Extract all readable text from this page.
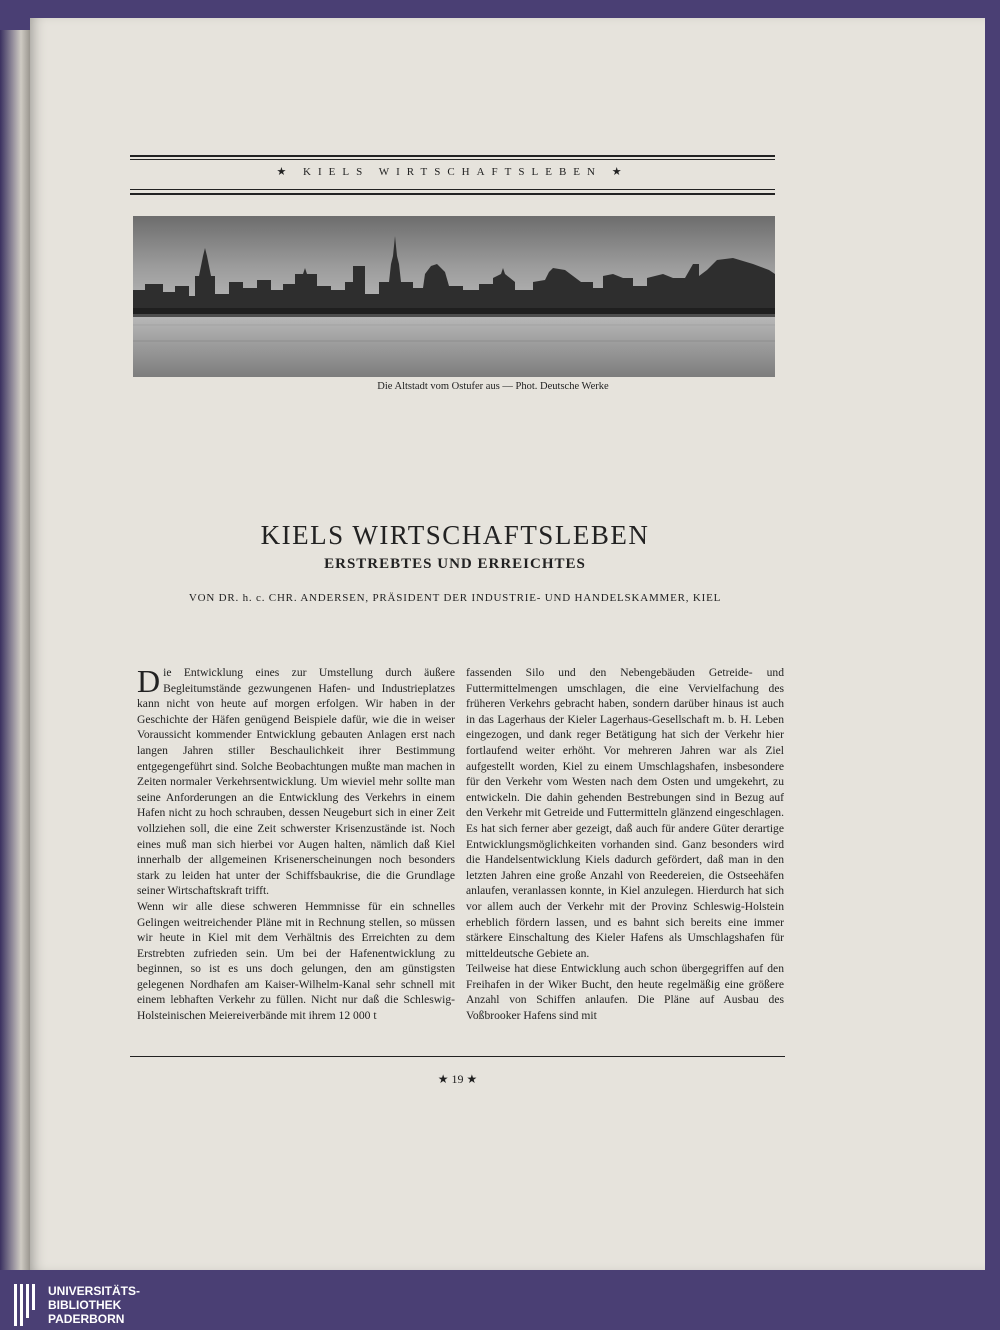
★ KIELS WIRTSCHAFTSLEBEN ★
Die Altstadt vom Ostufer aus — Phot. Deutsche Werke
KIELS WIRTSCHAFTSLEBEN
ERSTREBTES UND ERREICHTES
VON DR. h. c. CHR. ANDERSEN, PRÄSIDENT DER INDUSTRIE- UND HANDELSKAMMER, KIEL

D ie Entwicklung eines zur Umstellung durch äußere Begleitumstände gezwungenen Hafen- und Industrieplatzes kann nicht von heute auf morgen erfolgen. Wir haben in der Geschichte der Häfen genügend Beispiele dafür, wie die in weiser Voraussicht kommender Entwicklung gebauten Anlagen erst nach langen Jahren stiller Beschaulichkeit ihrer Bestimmung entgegengeführt sind. Solche Beobachtungen mußte man machen in Zeiten normaler Verkehrsentwicklung. Um wieviel mehr sollte man seine Anforderungen an die Entwicklung des Verkehrs in einem Hafen nicht zu hoch schrauben, dessen Neugeburt sich in einer Zeit vollziehen soll, die eine Zeit schwerster Krisenzustände ist. Noch eines muß man sich hierbei vor Augen halten, nämlich daß Kiel innerhalb der allgemeinen Krisenerscheinungen noch besonders stark zu leiden hat unter der Schiffsbaukrise, die die Grundlage seiner Wirtschaftskraft trifft.

Wenn wir alle diese schweren Hemmnisse für ein schnelles Gelingen weitreichender Pläne mit in Rechnung stellen, so müssen wir heute in Kiel mit dem Verhältnis des Erreichten zu dem Erstrebten zufrieden sein. Um bei der Hafenentwicklung zu beginnen, so ist es uns doch gelungen, den am günstigsten gelegenen Nordhafen am Kaiser-Wilhelm-Kanal sehr schnell mit einem lebhaften Verkehr zu füllen. Nicht nur daß die Schleswig-Holsteinischen Meiereiverbände mit ihrem 12 000 t

fassenden Silo und den Nebengebäuden Getreide- und Futtermittelmengen umschlagen, die eine Vervielfachung des früheren Verkehrs gebracht haben, sondern darüber hinaus ist auch in das Lagerhaus der Kieler Lagerhaus-Gesellschaft m. b. H. Leben eingezogen, und dank reger Betätigung hat sich der Verkehr hier fortlaufend weiter erhöht. Vor mehreren Jahren war als Ziel aufgestellt worden, Kiel zu einem Umschlagshafen, insbesondere für den Verkehr vom Westen nach dem Osten und umgekehrt, zu entwickeln. Die dahin gehenden Bestrebungen sind in Bezug auf den Verkehr mit Getreide und Futtermitteln glänzend eingeschlagen. Es hat sich ferner aber gezeigt, daß auch für andere Güter derartige Entwicklungsmöglichkeiten vorhanden sind. Ganz besonders wird die Handelsentwicklung Kiels dadurch gefördert, daß man in den letzten Jahren eine große Anzahl von Reedereien, die Ostseehäfen anlaufen, veranlassen konnte, in Kiel anzulegen. Hierdurch hat sich vor allem auch der Verkehr mit der Provinz Schleswig-Holstein erheblich fördern lassen, und es bahnt sich bereits eine immer stärkere Einschaltung des Kieler Hafens als Umschlagshafen für mitteldeutsche Gebiete an.

Teilweise hat diese Entwicklung auch schon übergegriffen auf den Freihafen in der Wiker Bucht, den heute regelmäßig eine größere Anzahl von Schiffen anlaufen. Die Pläne auf Ausbau des Voßbrooker Hafens sind mit

★ 19 ★
UNIVERSITÄTS-
BIBLIOTHEK
PADERBORN
